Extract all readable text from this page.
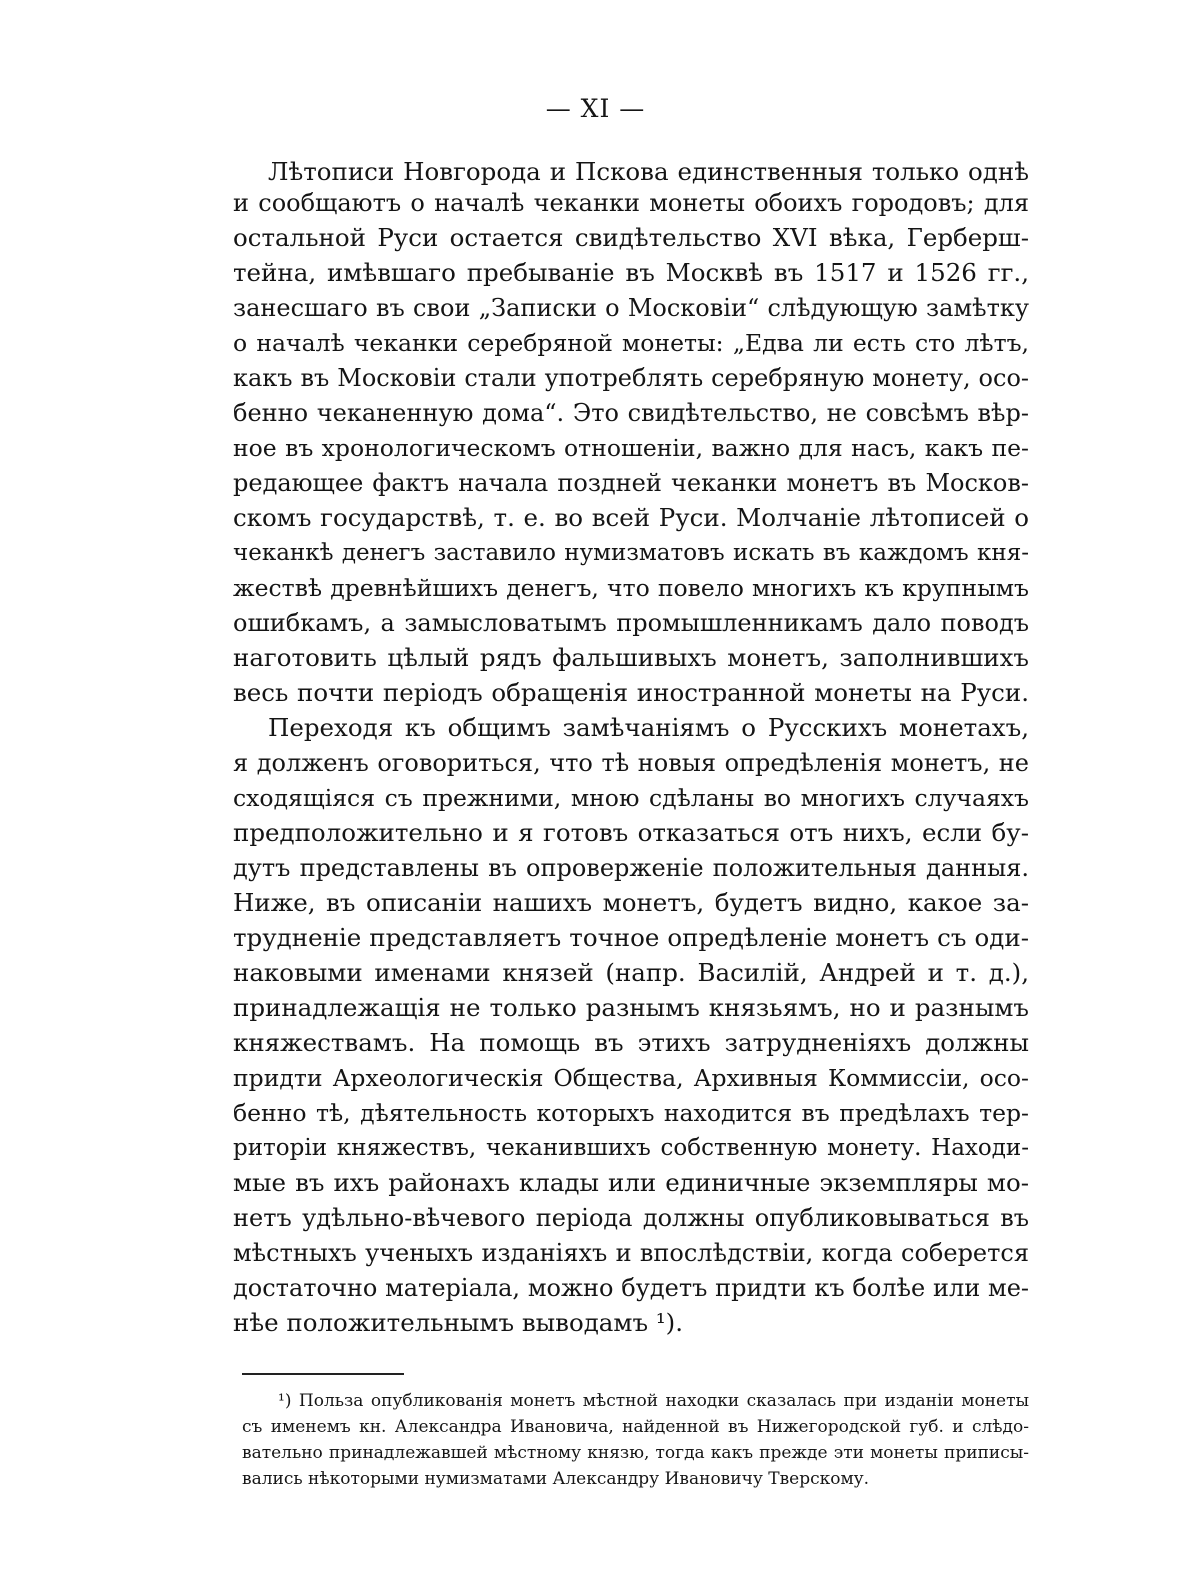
— XI —
Лѣтописи Новгорода и Пскова единственныя только однѣ
и сообщаютъ о началѣ чеканки монеты обоихъ городовъ; для
остальной Руси остается свидѣтельство XVI вѣка, Герберш-
тейна, имѣвшаго пребываніе въ Москвѣ въ 1517 и 1526 гг.,
занесшаго въ свои „Записки о Московіи“ слѣдующую замѣтку
о началѣ чеканки серебряной монеты: „Едва ли есть сто лѣтъ,
какъ въ Московіи стали употреблять серебряную монету, осо-
бенно чеканенную дома“. Это свидѣтельство, не совсѣмъ вѣр-
ное въ хронологическомъ отношеніи, важно для насъ, какъ пе-
редающее фактъ начала поздней чеканки монетъ въ Москов-
скомъ государствѣ, т. е. во всей Руси. Молчаніе лѣтописей о
чеканкѣ денегъ заставило нумизматовъ искать въ каждомъ кня-
жествѣ древнѣйшихъ денегъ, что повело многихъ къ крупнымъ
ошибкамъ, а замысловатымъ промышленникамъ дало поводъ
наготовить цѣлый рядъ фальшивыхъ монетъ, заполнившихъ
весь почти періодъ обращенія иностранной монеты на Руси.
Переходя къ общимъ замѣчаніямъ о Русскихъ монетахъ,
я долженъ оговориться, что тѣ новыя опредѣленія монетъ, не
сходящіяся съ прежними, мною сдѣланы во многихъ случаяхъ
предположительно и я готовъ отказаться отъ нихъ, если бу-
дутъ представлены въ опроверженіе положительныя данныя.
Ниже, въ описаніи нашихъ монетъ, будетъ видно, какое за-
трудненіе представляетъ точное опредѣленіе монетъ съ оди-
наковыми именами князей (напр. Василій, Андрей и т. д.),
принадлежащія не только разнымъ князьямъ, но и разнымъ
княжествамъ. На помощь въ этихъ затрудненіяхъ должны
придти Археологическія Общества, Архивныя Коммиссіи, осо-
бенно тѣ, дѣятельность которыхъ находится въ предѣлахъ тер-
риторіи княжествъ, чеканившихъ собственную монету. Находи-
мые въ ихъ районахъ клады или единичные экземпляры мо-
нетъ удѣльно-вѣчевого періода должны опубликовываться въ
мѣстныхъ ученыхъ изданіяхъ и впослѣдствіи, когда соберется
достаточно матеріала, можно будетъ придти къ болѣе или ме-
нѣе положительнымъ выводамъ ¹).
¹) Польза опубликованія монетъ мѣстной находки сказалась при изданіи монеты
съ именемъ кн. Александра Ивановича, найденной въ Нижегородской губ. и слѣдо-
вательно принадлежавшей мѣстному князю, тогда какъ прежде эти монеты приписы-
вались нѣкоторыми нумизматами Александру Ивановичу Тверскому.
